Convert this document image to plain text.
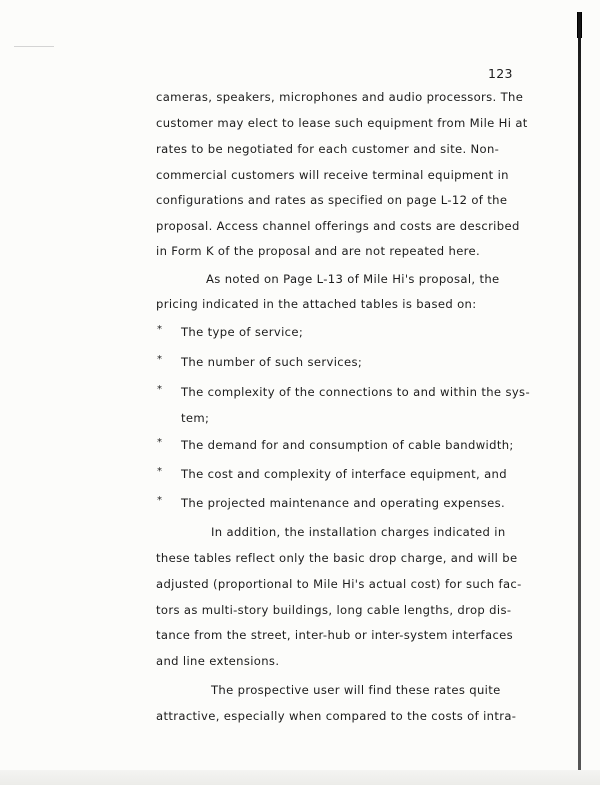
123
cameras, speakers, microphones and audio processors. The
customer may elect to lease such equipment from Mile Hi at
rates to be negotiated for each customer and site. Non-
commercial customers will receive terminal equipment in
configurations and rates as specified on page L-12 of the
proposal. Access channel offerings and costs are described
in Form K of the proposal and are not repeated here.
As noted on Page L-13 of Mile Hi's proposal, the
pricing indicated in the attached tables is based on:
* The type of service;
* The number of such services;
* The complexity of the connections to and within the sys-
tem;
* The demand for and consumption of cable bandwidth;
* The cost and complexity of interface equipment, and
* The projected maintenance and operating expenses.
In addition, the installation charges indicated in
these tables reflect only the basic drop charge, and will be
adjusted (proportional to Mile Hi's actual cost) for such fac-
tors as multi-story buildings, long cable lengths, drop dis-
tance from the street, inter-hub or inter-system interfaces
and line extensions.
The prospective user will find these rates quite
attractive, especially when compared to the costs of intra-
